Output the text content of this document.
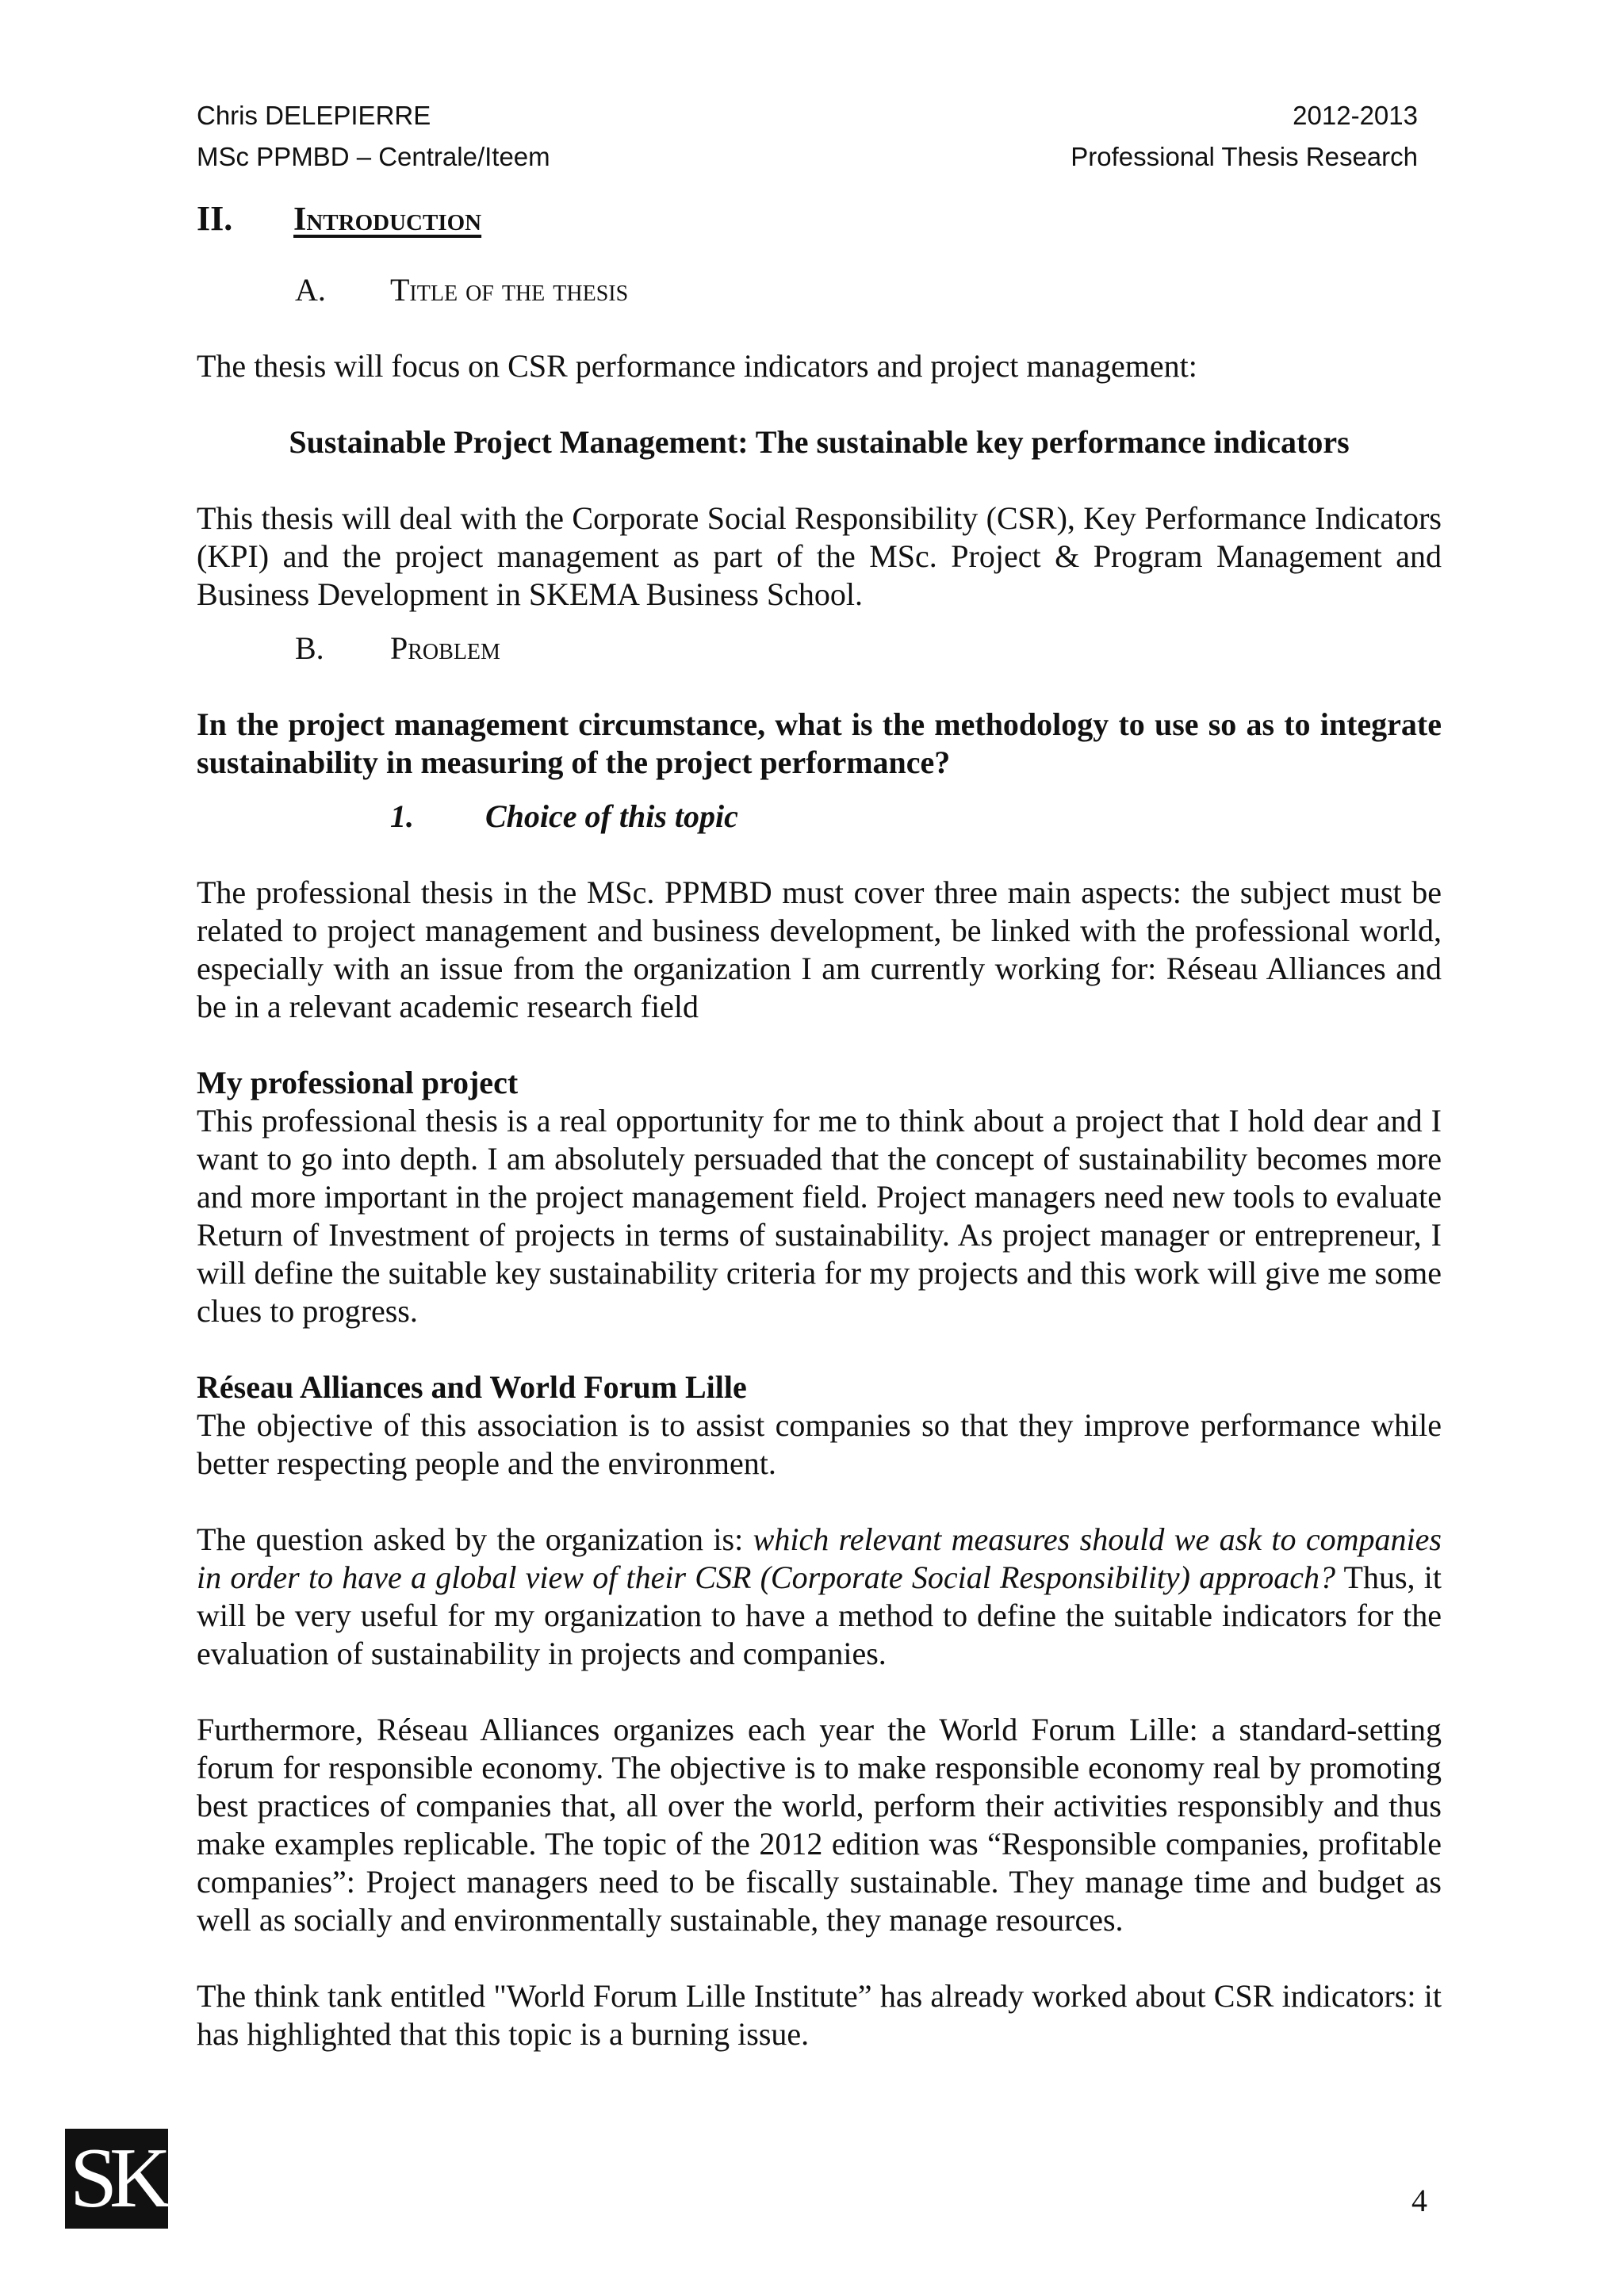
Chris DELEPIERRE	2012-2013
MSc PPMBD – Centrale/Iteem	Professional Thesis Research
II.	Introduction
A.	Title of the thesis

The thesis will focus on CSR performance indicators and project management:

Sustainable Project Management: The sustainable key performance indicators

This thesis will deal with the Corporate Social Responsibility (CSR), Key Performance Indicators (KPI) and the project management as part of the MSc. Project & Program Management and Business Development in SKEMA Business School.

B.	Problem

In the project management circumstance, what is the methodology to use so as to integrate sustainability in measuring of the project performance?

1.	Choice of this topic

The professional thesis in the MSc. PPMBD must cover three main aspects: the subject must be related to project management and business development, be linked with the professional world, especially with an issue from the organization I am currently working for: Réseau Alliances and be in a relevant academic research field

My professional project

This professional thesis is a real opportunity for me to think about a project that I hold dear and I want to go into depth. I am absolutely persuaded that the concept of sustainability becomes more and more important in the project management field. Project managers need new tools to evaluate Return of Investment of projects in terms of sustainability. As project manager or entrepreneur, I will define the suitable key sustainability criteria for my projects and this work will give me some clues to progress.

Réseau Alliances and World Forum Lille

The objective of this association is to assist companies so that they improve performance while better respecting people and the environment.

The question asked by the organization is: which relevant measures should we ask to companies in order to have a global view of their CSR (Corporate Social Responsibility) approach? Thus, it will be very useful for my organization to have a method to define the suitable indicators for the evaluation of sustainability in projects and companies.

Furthermore, Réseau Alliances organizes each year the World Forum Lille: a standard-setting forum for responsible economy. The objective is to make responsible economy real by promoting best practices of companies that, all over the world, perform their activities responsibly and thus make examples replicable. The topic of the 2012 edition was “Responsible companies, profitable companies”: Project managers need to be fiscally sustainable. They manage time and budget as well as socially and environmentally sustainable, they manage resources.

The think tank entitled "World Forum Lille Institute” has already worked about CSR indicators: it has highlighted that this topic is a burning issue.

SK	4
